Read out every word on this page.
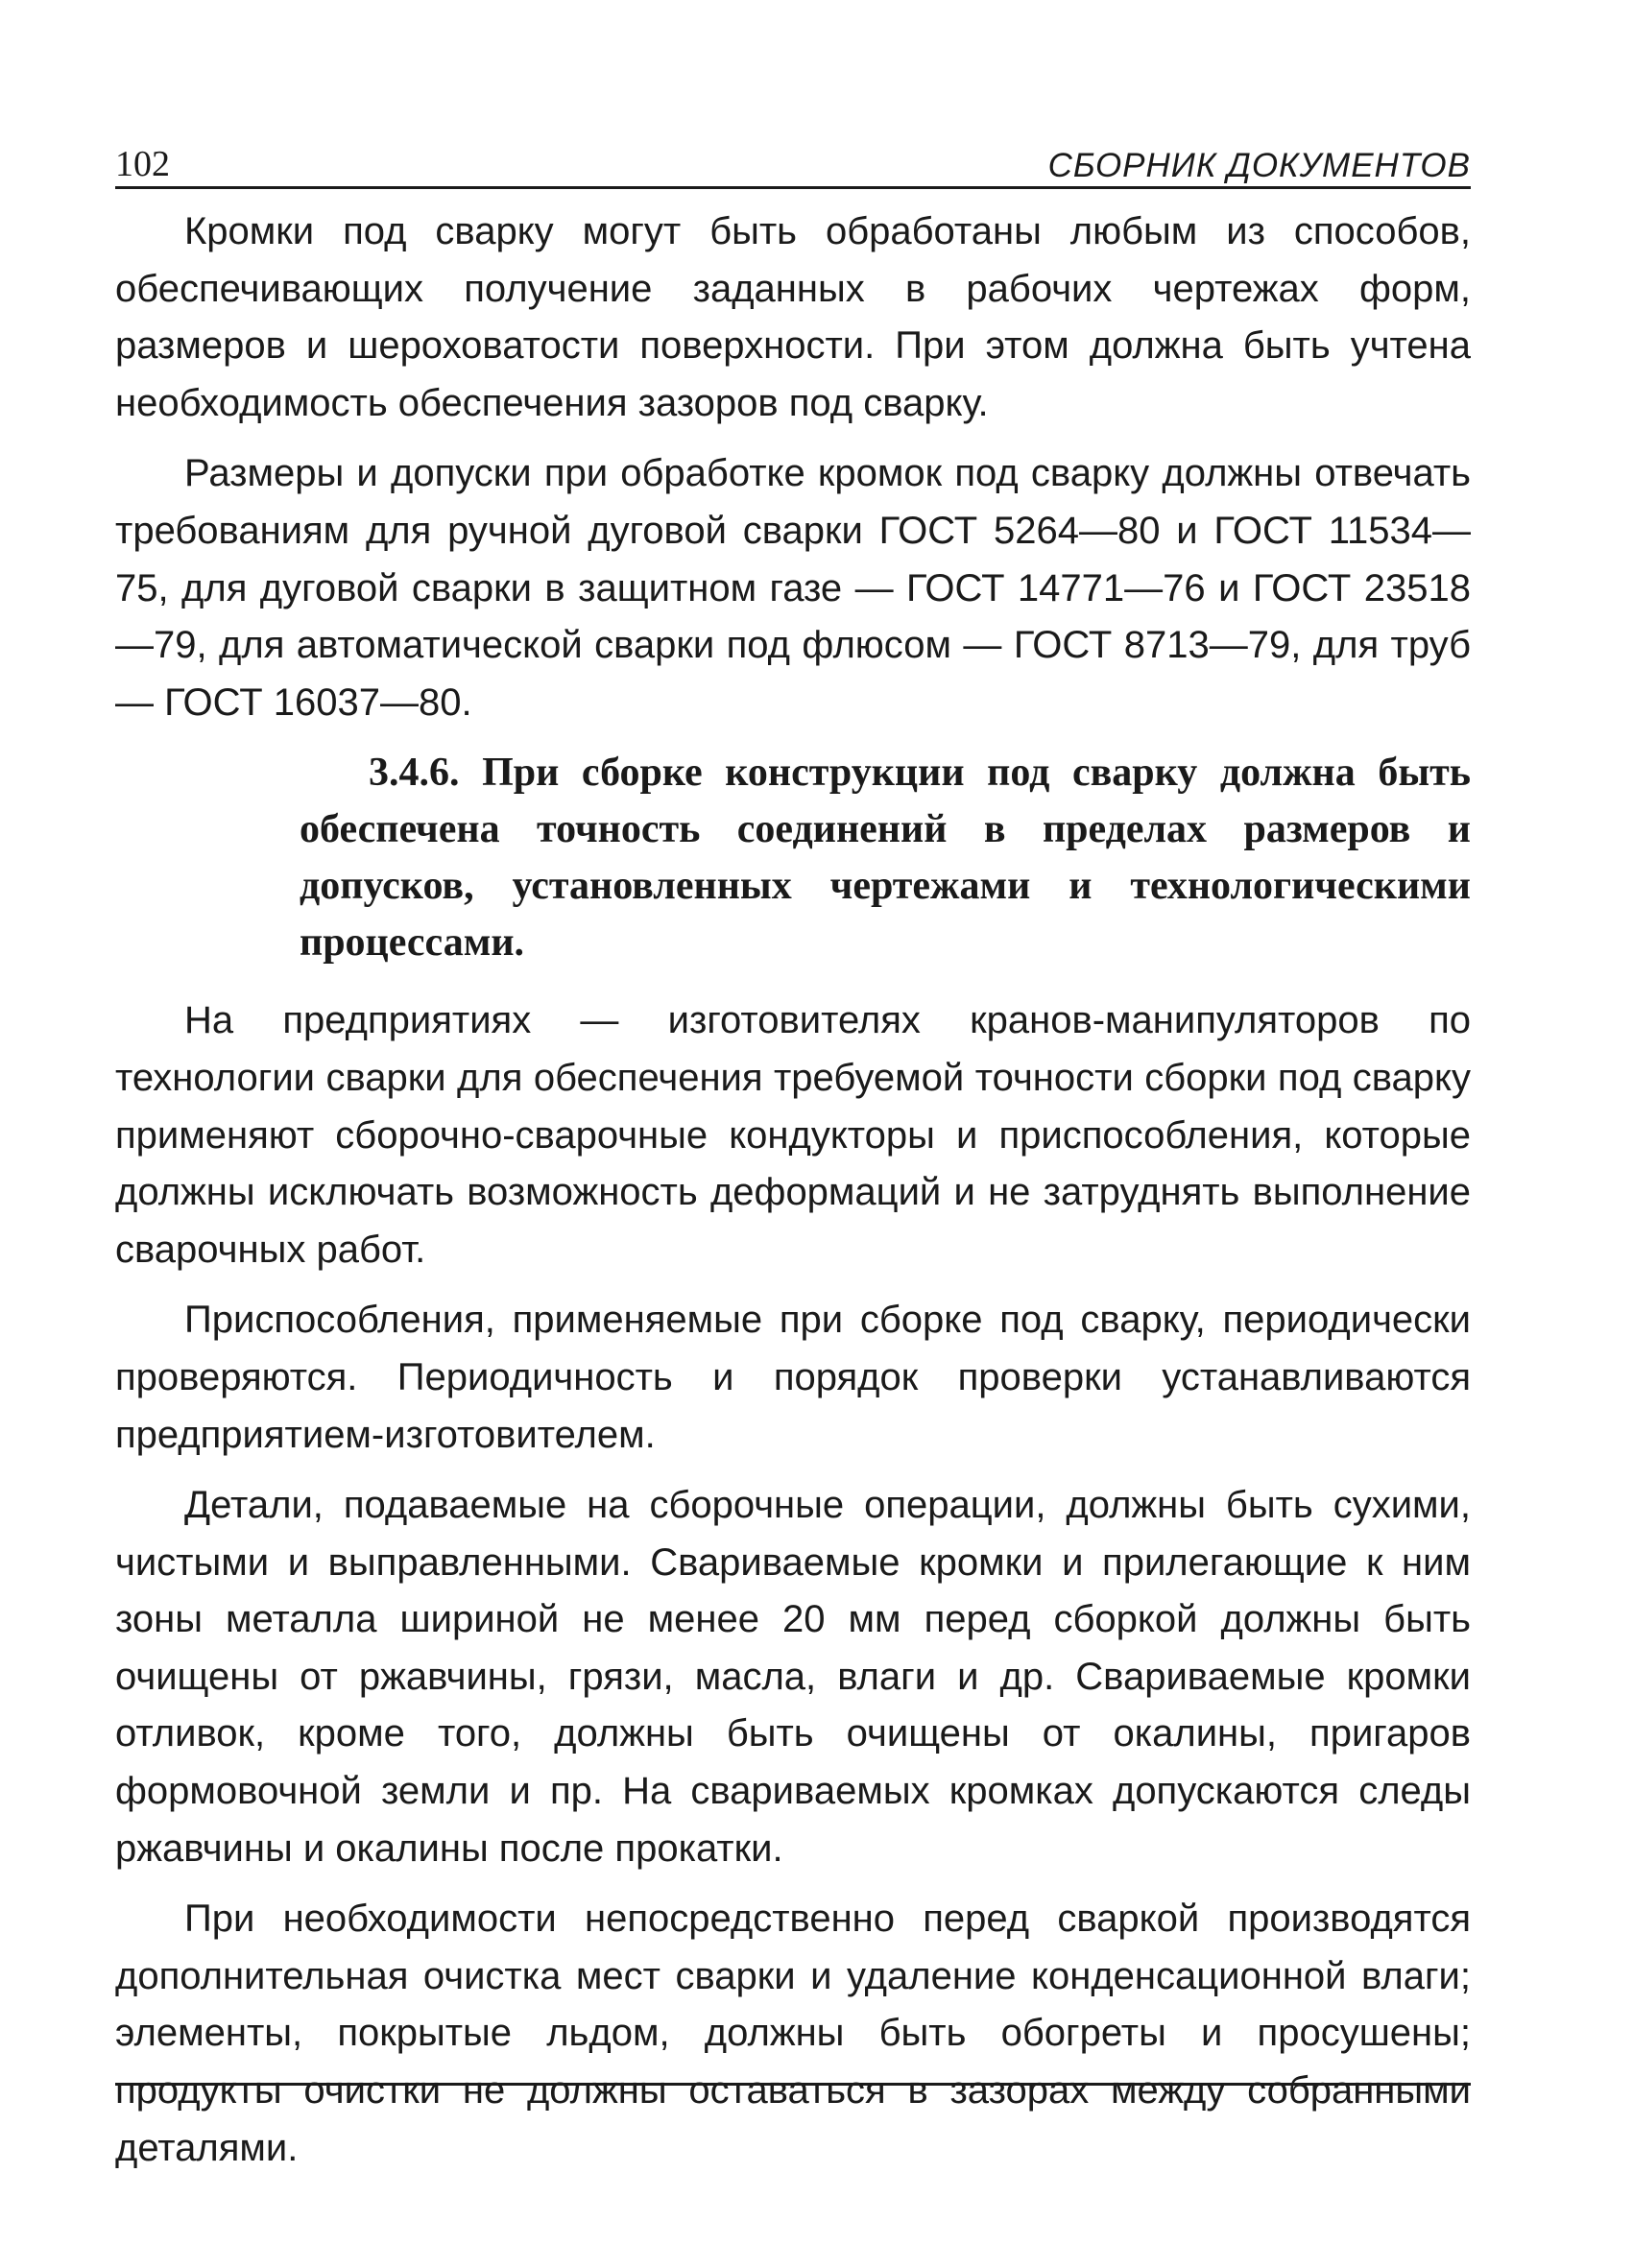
102	СБОРНИК ДОКУМЕНТОВ

Кромки под сварку могут быть обработаны любым из способов, обеспечивающих получение заданных в рабочих чертежах форм, размеров и шероховатости поверхности. При этом должна быть учтена необходимость обеспечения зазоров под сварку.

Размеры и допуски при обработке кромок под сварку должны отвечать требованиям для ручной дуговой сварки ГОСТ 5264—80 и ГОСТ 11534—75, для дуговой сварки в защитном газе — ГОСТ 14771—76 и ГОСТ 23518—79, для автоматической сварки под флюсом — ГОСТ 8713—79, для труб — ГОСТ 16037—80.

3.4.6. При сборке конструкции под сварку должна быть обеспечена точность соединений в пределах размеров и допусков, установленных чертежами и технологическими процессами.

На предприятиях — изготовителях кранов-манипуляторов по технологии сварки для обеспечения требуемой точности сборки под сварку применяют сборочно-сварочные кондукторы и приспособления, которые должны исключать возможность деформаций и не затруднять выполнение сварочных работ.

Приспособления, применяемые при сборке под сварку, периодически проверяются. Периодичность и порядок проверки устанавливаются предприятием-изготовителем.

Детали, подаваемые на сборочные операции, должны быть сухими, чистыми и выправленными. Свариваемые кромки и прилегающие к ним зоны металла шириной не менее 20 мм перед сборкой должны быть очищены от ржавчины, грязи, масла, влаги и др. Свариваемые кромки отливок, кроме того, должны быть очищены от окалины, пригаров формовочной земли и пр. На свариваемых кромках допускаются следы ржавчины и окалины после прокатки.

При необходимости непосредственно перед сваркой производятся дополнительная очистка мест сварки и удаление конденсационной влаги; элементы, покрытые льдом, должны быть обогреты и просушены; продукты очистки не должны оставаться в зазорах между собранными деталями.
